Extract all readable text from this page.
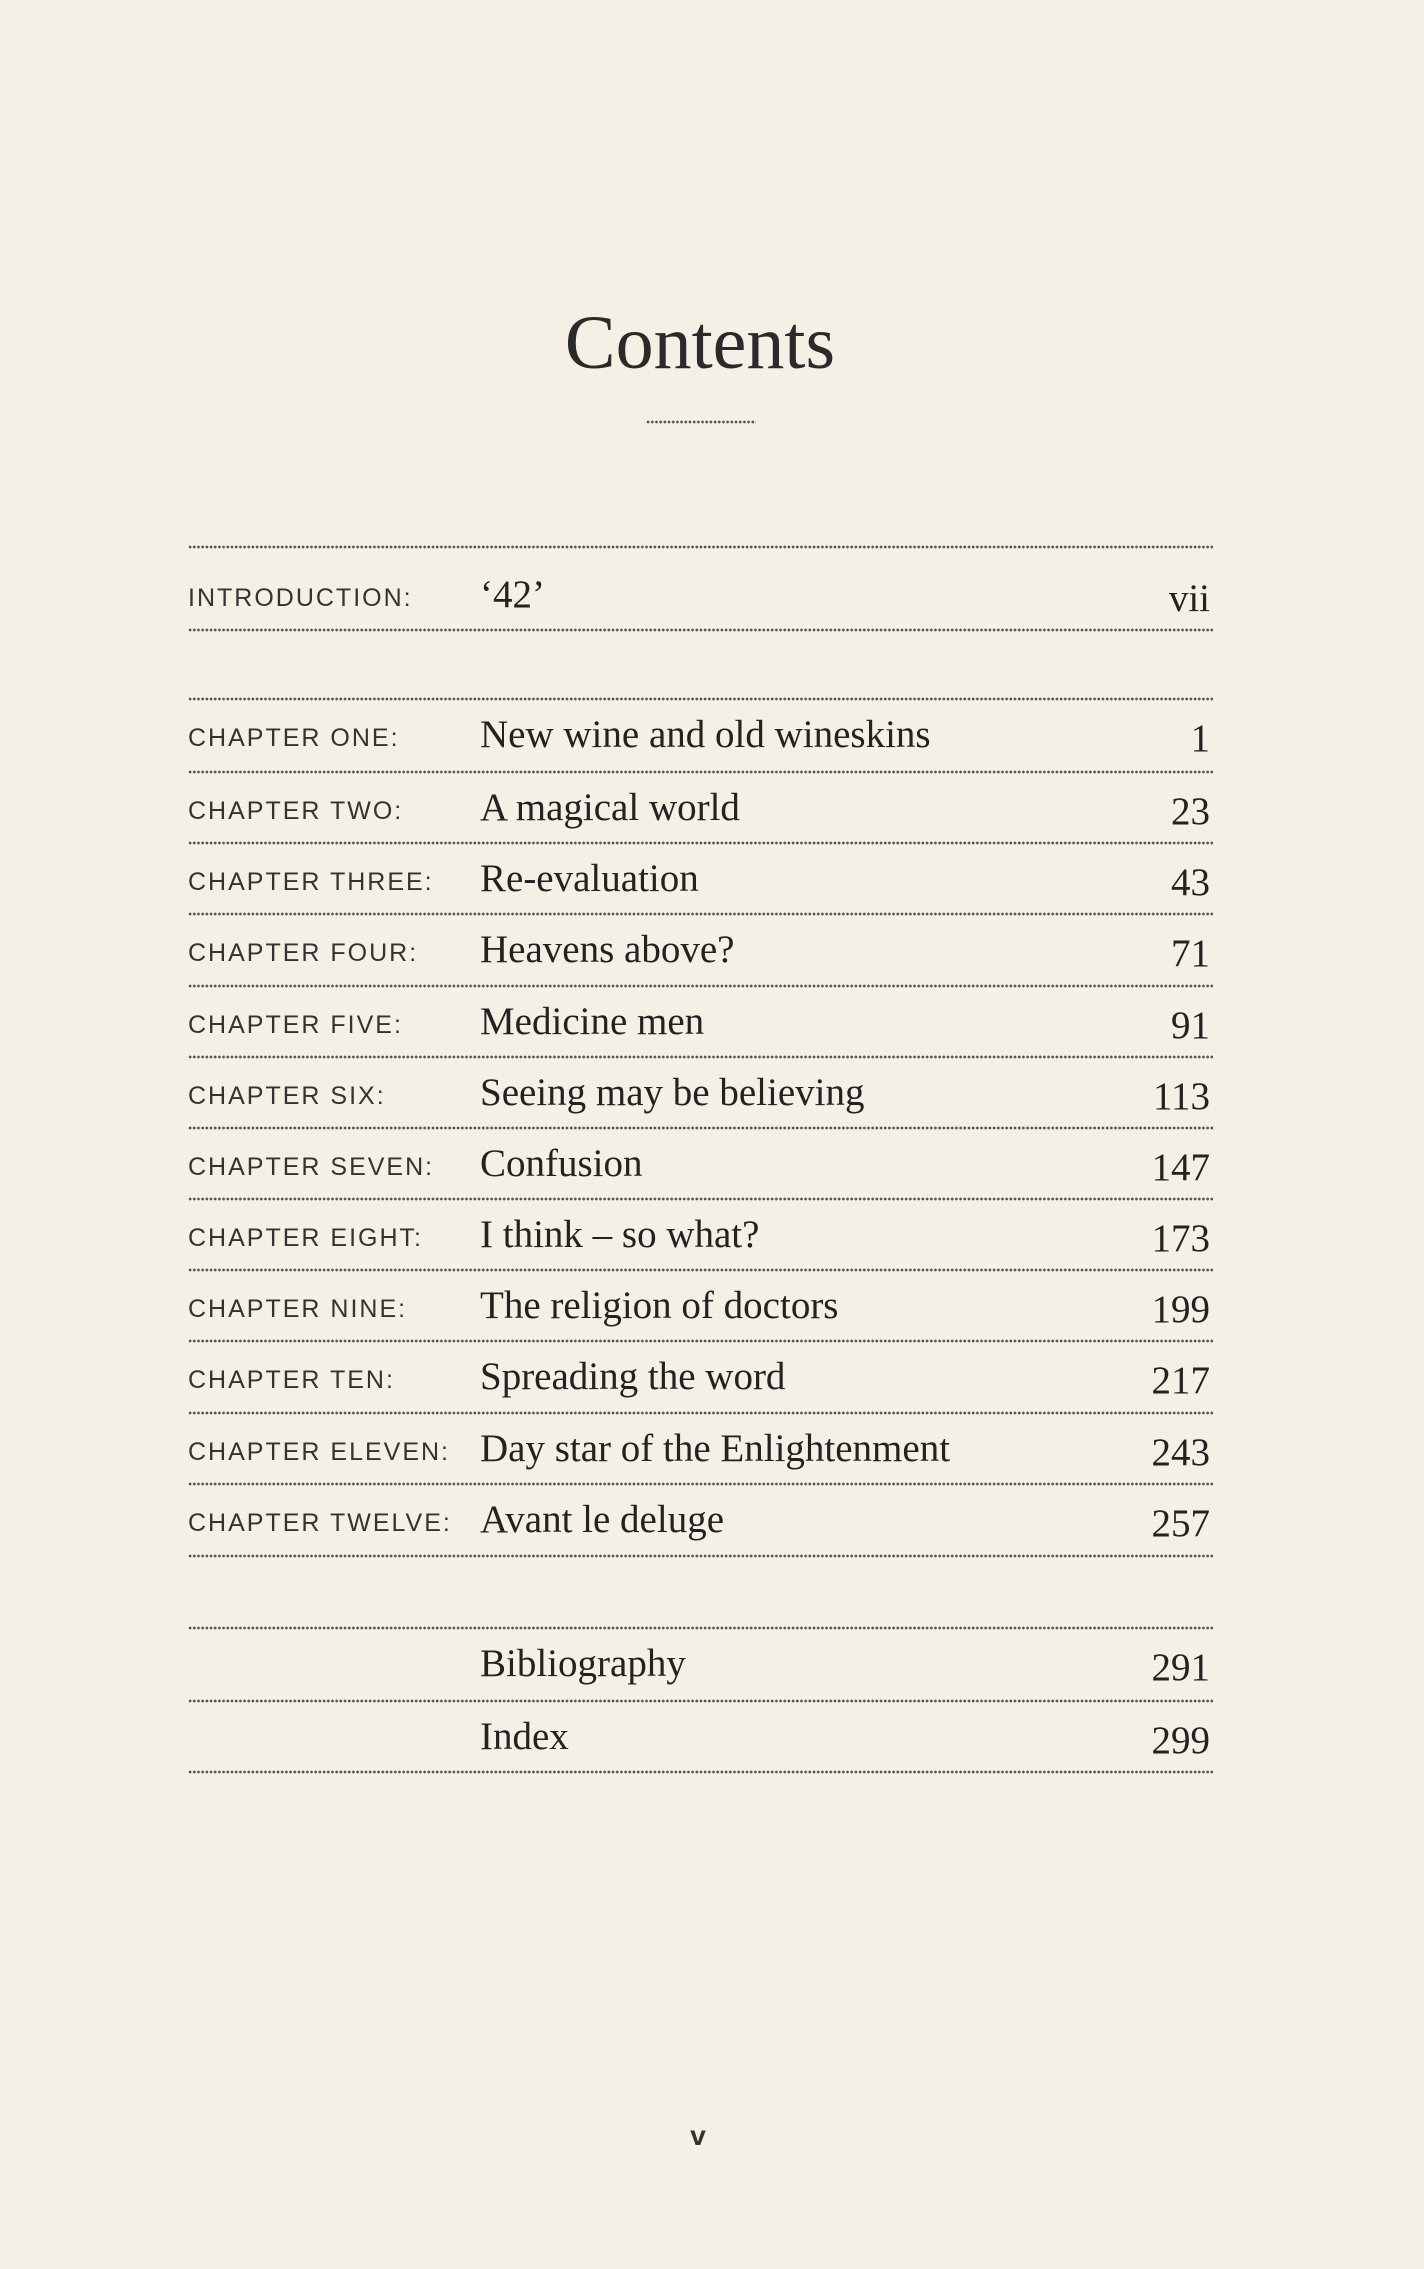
Contents
INTRODUCTION: ‘42’	vii
CHAPTER ONE: New wine and old wineskins	1
CHAPTER TWO: A magical world	23
CHAPTER THREE: Re-evaluation	43
CHAPTER FOUR: Heavens above?	71
CHAPTER FIVE: Medicine men	91
CHAPTER SIX: Seeing may be believing	113
CHAPTER SEVEN: Confusion	147
CHAPTER EIGHT: I think – so what?	173
CHAPTER NINE: The religion of doctors	199
CHAPTER TEN: Spreading the word	217
CHAPTER ELEVEN: Day star of the Enlightenment	243
CHAPTER TWELVE: Avant le deluge	257
Bibliography	291
Index	299
v
